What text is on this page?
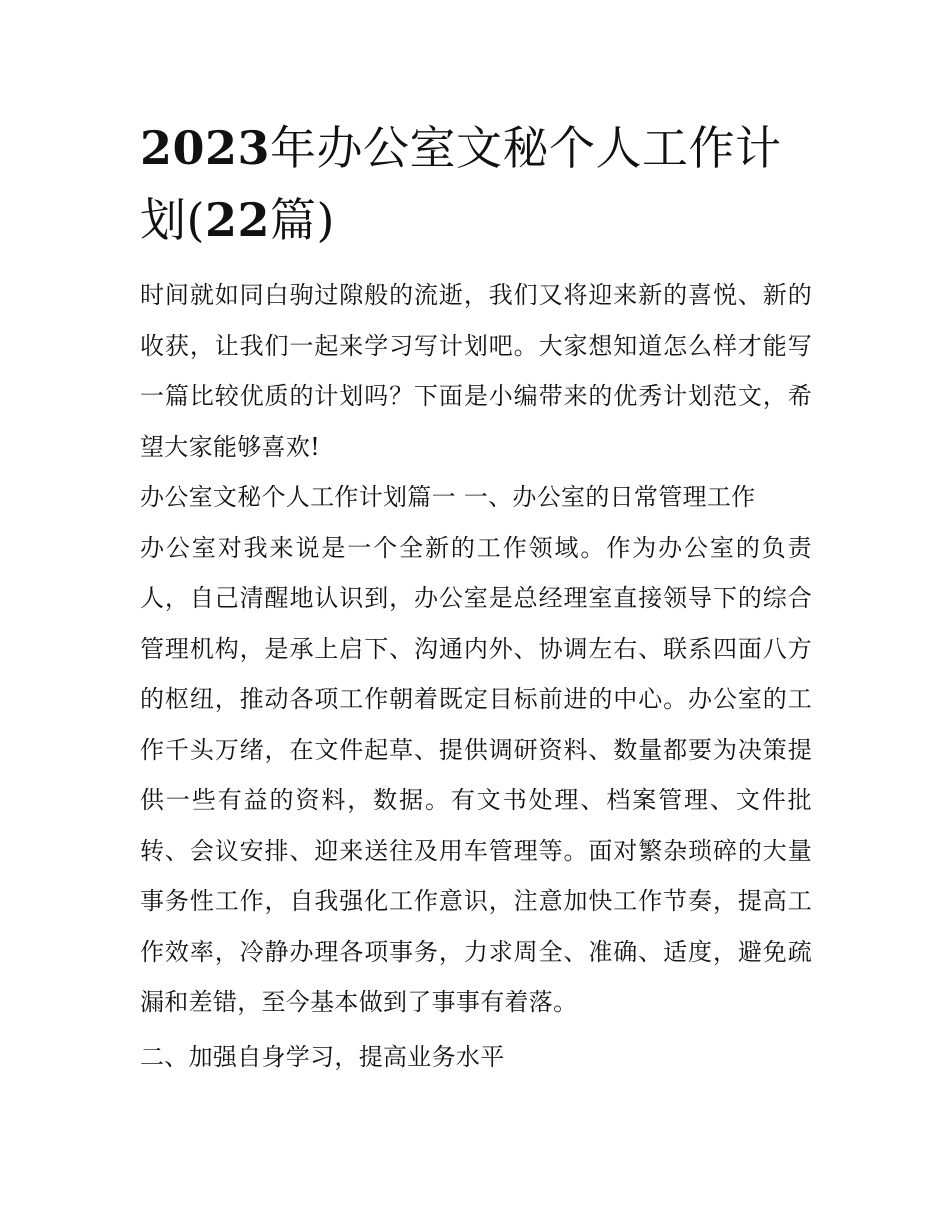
2023年办公室文秘个人工作计划(22篇)

时间就如同白驹过隙般的流逝，我们又将迎来新的喜悦、新的收获，让我们一起来学习写计划吧。大家想知道怎么样才能写一篇比较优质的计划吗？下面是小编带来的优秀计划范文，希望大家能够喜欢!

办公室文秘个人工作计划篇一 一、办公室的日常管理工作

办公室对我来说是一个全新的工作领域。作为办公室的负责人，自己清醒地认识到，办公室是总经理室直接领导下的综合管理机构，是承上启下、沟通内外、协调左右、联系四面八方的枢纽，推动各项工作朝着既定目标前进的中心。办公室的工作千头万绪，在文件起草、提供调研资料、数量都要为决策提供一些有益的资料，数据。有文书处理、档案管理、文件批转、会议安排、迎来送往及用车管理等。面对繁杂琐碎的大量事务性工作，自我强化工作意识，注意加快工作节奏，提高工作效率，冷静办理各项事务，力求周全、准确、适度，避免疏漏和差错，至今基本做到了事事有着落。

二、加强自身学习，提高业务水平
